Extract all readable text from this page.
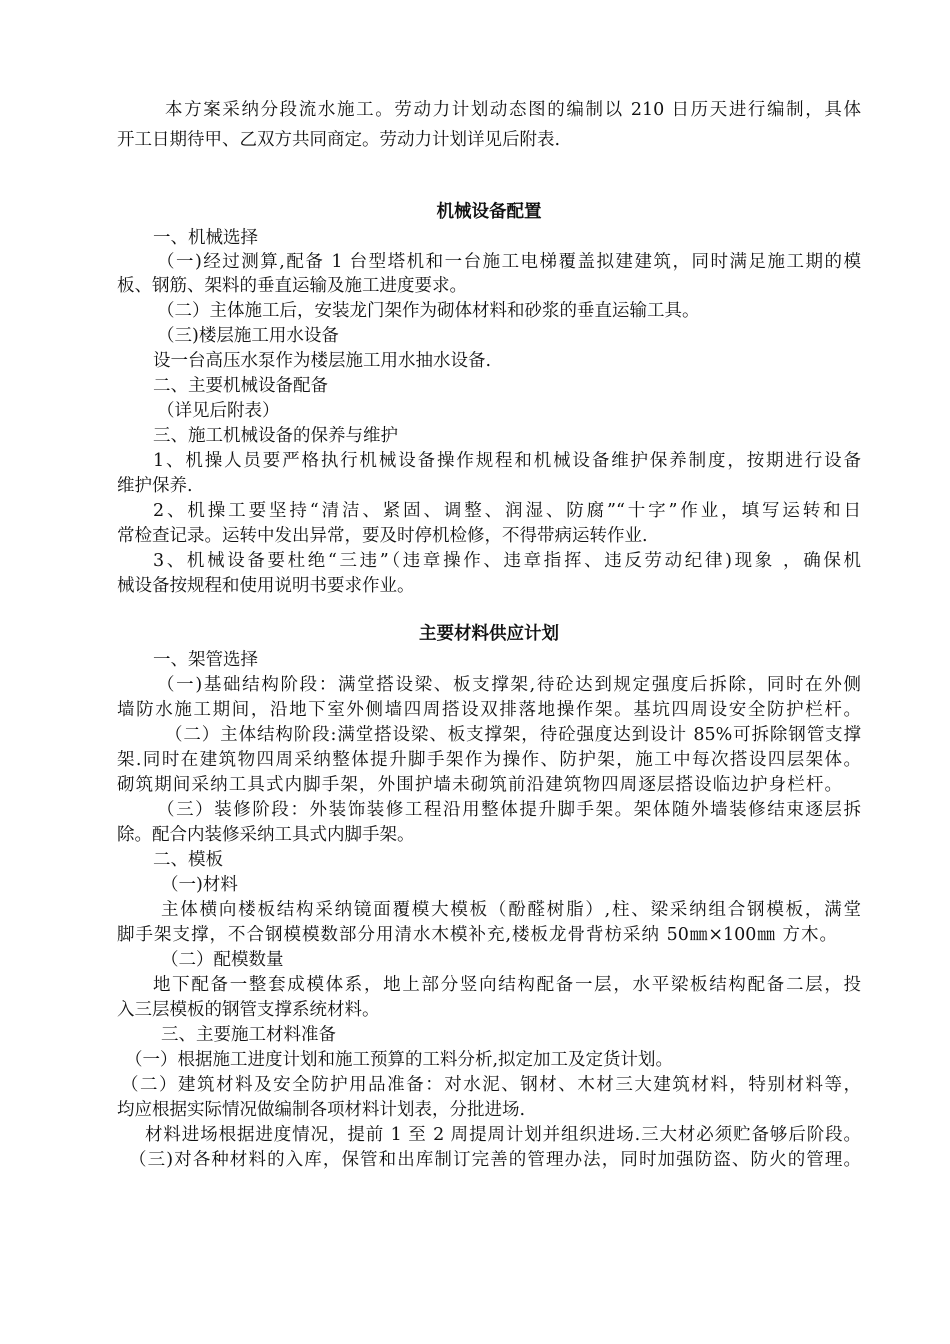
本方案采纳分段流水施工。劳动力计划动态图的编制以 210 日历天进行编制，具体
开工日期待甲、乙双方共同商定。劳动力计划详见后附表.
机械设备配置
一、机械选择
（一)经过测算,配备 1 台型塔机和一台施工电梯覆盖拟建建筑，同时满足施工期的模
板、钢筋、架料的垂直运输及施工进度要求。
（二）主体施工后，安装龙门架作为砌体材料和砂浆的垂直运输工具。
（三)楼层施工用水设备
设一台高压水泵作为楼层施工用水抽水设备.
二、主要机械设备配备
（详见后附表）
三、施工机械设备的保养与维护
1、机操人员要严格执行机械设备操作规程和机械设备维护保养制度，按期进行设备
维护保养.
2、机操工要坚持“清洁、紧固、调整、润湿、防腐”“十字”作业，填写运转和日
常检查记录。运转中发出异常，要及时停机检修，不得带病运转作业.
3、机械设备要杜绝“三违”（违章操作、违章指挥、违反劳动纪律)现象 ，确保机
械设备按规程和使用说明书要求作业。
主要材料供应计划
一、架管选择
（一)基础结构阶段：满堂搭设梁、板支撑架,待砼达到规定强度后拆除，同时在外侧
墙防水施工期间，沿地下室外侧墙四周搭设双排落地操作架。基坑四周设安全防护栏杆。
（二）主体结构阶段:满堂搭设梁、板支撑架，待砼强度达到设计 85%可拆除钢管支撑
架.同时在建筑物四周采纳整体提升脚手架作为操作、防护架，施工中每次搭设四层架体。
砌筑期间采纳工具式内脚手架，外围护墙未砌筑前沿建筑物四周逐层搭设临边护身栏杆。
（三）装修阶段：外装饰装修工程沿用整体提升脚手架。架体随外墙装修结束逐层拆
除。配合内装修采纳工具式内脚手架。
二、模板
（一)材料
主体横向楼板结构采纳镜面覆模大模板（酚醛树脂）,柱、梁采纳组合钢模板，满堂
脚手架支撑，不合钢模模数部分用清水木模补充,楼板龙骨背枋采纳 50㎜×100㎜ 方木。
（二）配模数量
地下配备一整套成模体系，地上部分竖向结构配备一层，水平梁板结构配备二层，投
入三层模板的钢管支撑系统材料。
三、主要施工材料准备
（一）根据施工进度计划和施工预算的工料分析,拟定加工及定货计划。
（二）建筑材料及安全防护用品准备：对水泥、钢材、木材三大建筑材料，特别材料等，
均应根据实际情况做编制各项材料计划表，分批进场.
材料进场根据进度情况，提前 1 至 2 周提周计划并组织进场.三大材必须贮备够后阶段。
（三)对各种材料的入库，保管和出库制订完善的管理办法，同时加强防盗、防火的管理。
